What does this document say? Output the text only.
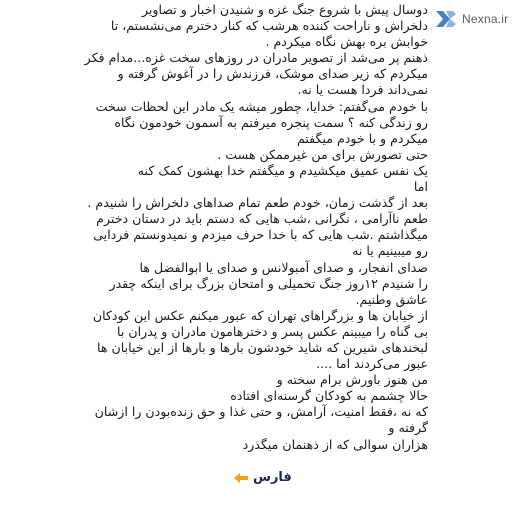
دوسال پیش با شروع جنگ غزه و شنیدن اخبار و تصاویر
دلخراش و ناراحت کننده هرشب که کنار دخترم می‌نشستم، تا
خوابش بره بهش نگاه میکردم .
ذهنم پر می‌شد از تصویر مادران در روزهای سخت غزه...مدام فکر
میکردم که زیر صدای موشک، فرزندش را در آغوش گرفته و
نمی‌داند فردا هست یا نه.
با خودم می‌گفتم: خدایا، چطور میشه یک مادر این لحظات سخت
رو زندگی کنه ؟ سمت پنجره میرفتم به آسمون خودمون نگاه
میکردم و با خودم میگفتم
حتی تصورش برای من غیرممکن هست .
یک نفس عمیق میکشیدم و میگفتم خدا بهشون کمک کنه
اما
بعد از گذشت زمان، خودم طعم تمام صداهای دلخراش را شنیدم .
طعم ناآرامی ، نگرانی ،شب هایی که دستم باید در دستان دخترم
میگذاشتم .شب هایی که با خدا حرف میزدم و نمیدونستم فردایی
رو میبینیم یا نه
صدای انفجار، و صدای آمبولانس و صدای یا ابوالفضل ها
را شنیدم ۱۲روز جنگ تحمیلی و امتحان بزرگ برای اینکه چقدر
عاشق وطنیم.
از خیابان ها و بزرگراهای تهران که عبور میکنم عکس این کودکان
بی گناه را میبینم عکس پسر و دخترهامون مادران و پدران با
لبخندهای شیرین که شاید خودشون بارها و بارها از این خیابان ها
عبور می‌کردند اما ....
من هنوز باورش برام سخته و
حالا چشمم به کودکان گرسنه‌ای افتاده
که نه ،فقط امنیت، آرامش، و حتی غذا و حق زنده‌بودن را ازشان
گرفته و
هزاران سوالی که از ذهنمان میگذرد
Nexna.ir
فارس
